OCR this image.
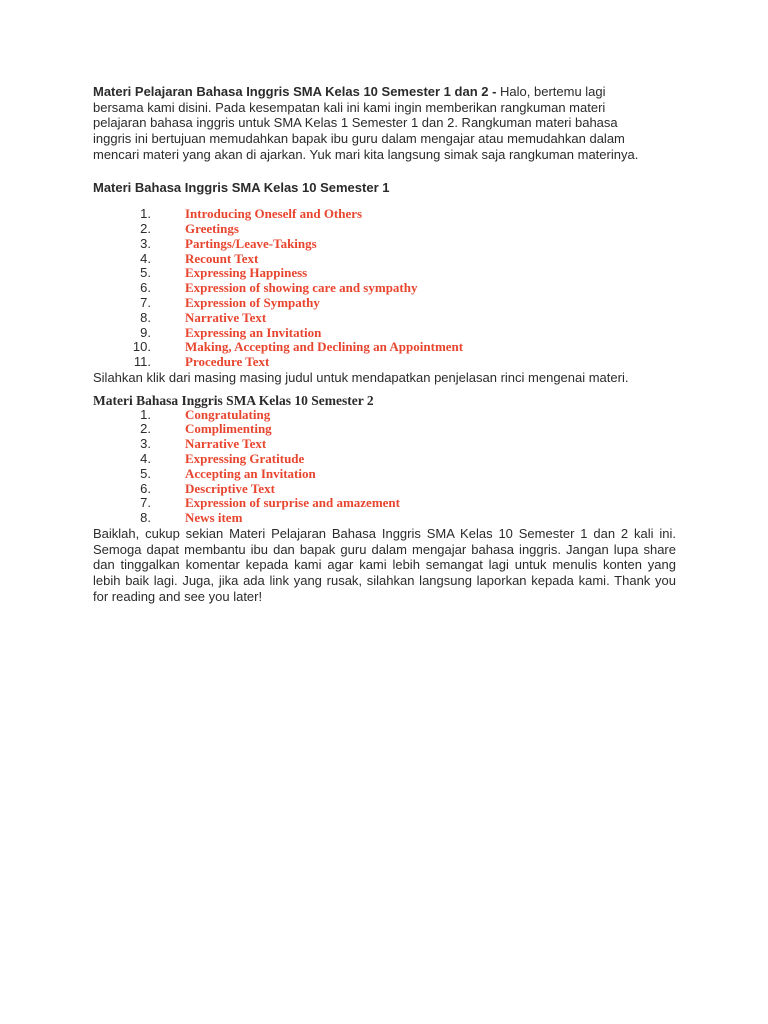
Materi Pelajaran Bahasa Inggris SMA Kelas 10 Semester 1 dan 2 - Halo, bertemu lagi
bersama kami disini. Pada kesempatan kali ini kami ingin memberikan rangkuman materi
pelajaran bahasa inggris untuk SMA Kelas 1 Semester 1 dan 2. Rangkuman materi bahasa
inggris ini bertujuan memudahkan bapak ibu guru dalam mengajar atau memudahkan dalam
mencari materi yang akan di ajarkan. Yuk mari kita langsung simak saja rangkuman materinya.

Materi Bahasa Inggris SMA Kelas 10 Semester 1

1.	Introducing Oneself and Others
2.	Greetings
3.	Partings/Leave-Takings
4.	Recount Text
5.	Expressing Happiness
6.	Expression of showing care and sympathy
7.	Expression of Sympathy
8.	Narrative Text
9.	Expressing an Invitation
10.	Making, Accepting and Declining an Appointment
11.	Procedure Text

Silahkan klik dari masing masing judul untuk mendapatkan penjelasan rinci mengenai materi.

Materi Bahasa Inggris SMA Kelas 10 Semester 2

1.	Congratulating
2.	Complimenting
3.	Narrative Text
4.	Expressing Gratitude
5.	Accepting an Invitation
6.	Descriptive Text
7.	Expression of surprise and amazement
8.	News item

Baiklah, cukup sekian Materi Pelajaran Bahasa Inggris SMA Kelas 10 Semester 1 dan 2 kali ini. Semoga dapat membantu ibu dan bapak guru dalam mengajar bahasa inggris. Jangan lupa share dan tinggalkan komentar kepada kami agar kami lebih semangat lagi untuk menulis konten yang lebih baik lagi. Juga, jika ada link yang rusak, silahkan langsung laporkan kepada kami. Thank you for reading and see you later!
